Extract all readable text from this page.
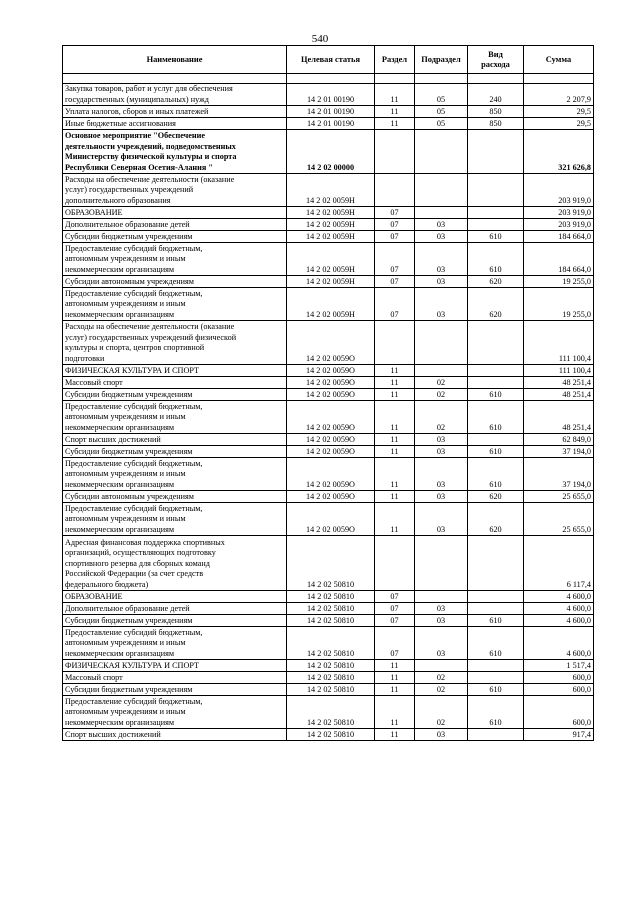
540
Наименование	Целевая статья	Раздел	Подраздел	Вид
расхода	Сумма

Закупка товаров, работ и услуг для обеспечения
государственных (муниципальных) нужд	14 2 01 00190	11	05	240	2 207,9
Уплата налогов, сборов и иных платежей	14 2 01 00190	11	05	850	29,5
Иные бюджетные ассигнования	14 2 01 00190	11	05	850	29,5
Основное мероприятие "Обеспечение
деятельности учреждений, подведомственных
Министерству физической культуры и спорта
Республики Северная Осетия-Алания "	14 2 02 00000				321 626,8
Расходы на обеспечение деятельности (оказание
услуг) государственных учреждений
дополнительного образования	14 2 02 0059Н				203 919,0
ОБРАЗОВАНИЕ	14 2 02 0059Н	07			203 919,0
Дополнительное образование детей	14 2 02 0059Н	07	03		203 919,0
Субсидии бюджетным учреждениям	14 2 02 0059Н	07	03	610	184 664,0
Предоставление субсидий бюджетным,
автономным учреждениям и иным
некоммерческим организациям	14 2 02 0059Н	07	03	610	184 664,0
Субсидии автономным учреждениям	14 2 02 0059Н	07	03	620	19 255,0
Предоставление субсидий бюджетным,
автономным учреждениям и иным
некоммерческим организациям	14 2 02 0059Н	07	03	620	19 255,0
Расходы на обеспечение деятельности (оказание
услуг) государственных учреждений физической
культуры и спорта, центров спортивной
подготовки	14 2 02 0059О				111 100,4
ФИЗИЧЕСКАЯ КУЛЬТУРА И СПОРТ	14 2 02 0059О	11			111 100,4
Массовый спорт	14 2 02 0059О	11	02		48 251,4
Субсидии бюджетным учреждениям	14 2 02 0059О	11	02	610	48 251,4
Предоставление субсидий бюджетным,
автономным учреждениям и иным
некоммерческим организациям	14 2 02 0059О	11	02	610	48 251,4
Спорт высших достижений	14 2 02 0059О	11	03		62 849,0
Субсидии бюджетным учреждениям	14 2 02 0059О	11	03	610	37 194,0
Предоставление субсидий бюджетным,
автономным учреждениям и иным
некоммерческим организациям	14 2 02 0059О	11	03	610	37 194,0
Субсидии автономным учреждениям	14 2 02 0059О	11	03	620	25 655,0
Предоставление субсидий бюджетным,
автономным учреждениям и иным
некоммерческим организациям	14 2 02 0059О	11	03	620	25 655,0
Адресная финансовая поддержка спортивных
организаций, осуществляющих подготовку
спортивного резерва для сборных команд
Российской Федерации (за счет средств
федерального бюджета)	14 2 02 50810				6 117,4
ОБРАЗОВАНИЕ	14 2 02 50810	07			4 600,0
Дополнительное образование детей	14 2 02 50810	07	03		4 600,0
Субсидии бюджетным учреждениям	14 2 02 50810	07	03	610	4 600,0
Предоставление субсидий бюджетным,
автономным учреждениям и иным
некоммерческим организациям	14 2 02 50810	07	03	610	4 600,0
ФИЗИЧЕСКАЯ КУЛЬТУРА И СПОРТ	14 2 02 50810	11			1 517,4
Массовый спорт	14 2 02 50810	11	02		600,0
Субсидии бюджетным учреждениям	14 2 02 50810	11	02	610	600,0
Предоставление субсидий бюджетным,
автономным учреждениям и иным
некоммерческим организациям	14 2 02 50810	11	02	610	600,0
Спорт высших достижений	14 2 02 50810	11	03		917,4
